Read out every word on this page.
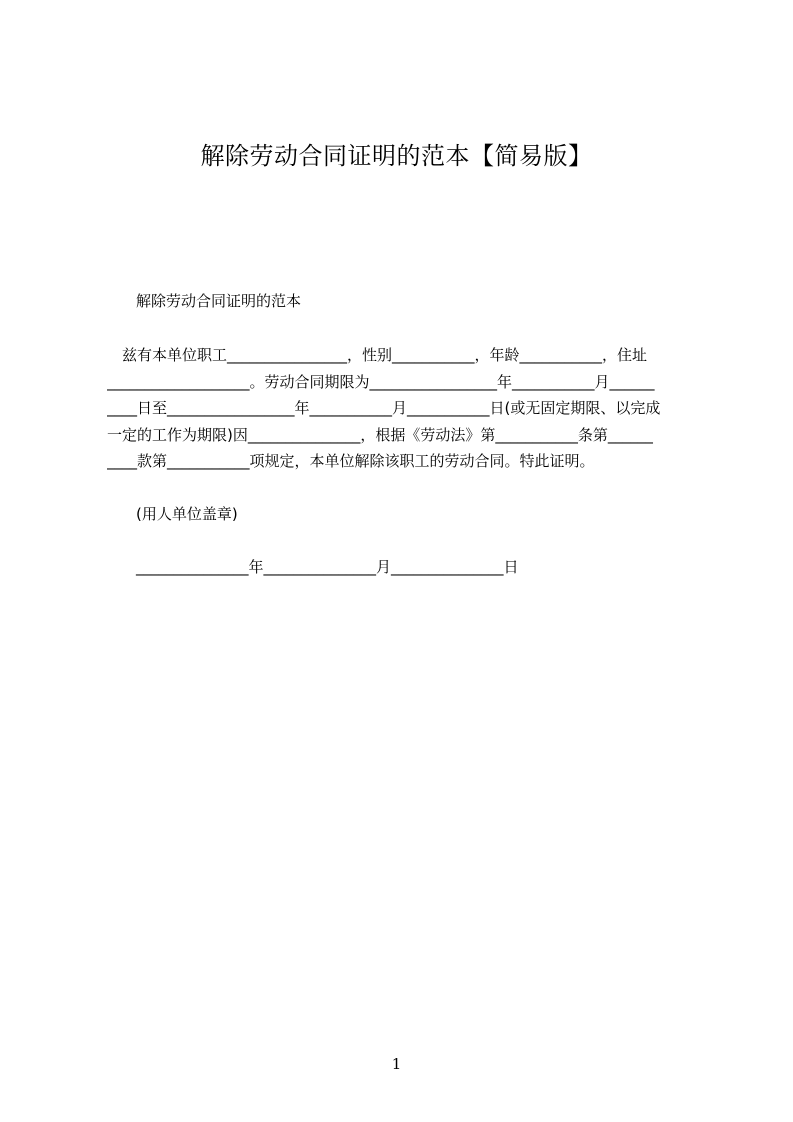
解除劳动合同证明的范本【简易版】
解除劳动合同证明的范本
　兹有本单位职工________________，性别___________，年龄___________，住址
___________________。劳动合同期限为_________________年___________月______
____日至_________________年___________月___________日(或无固定期限、以完成
一定的工作为期限)因_______________，根据《劳动法》第___________条第______
____款第___________项规定，本单位解除该职工的劳动合同。特此证明。
(用人单位盖章)
_______________年_______________月_______________日
1
